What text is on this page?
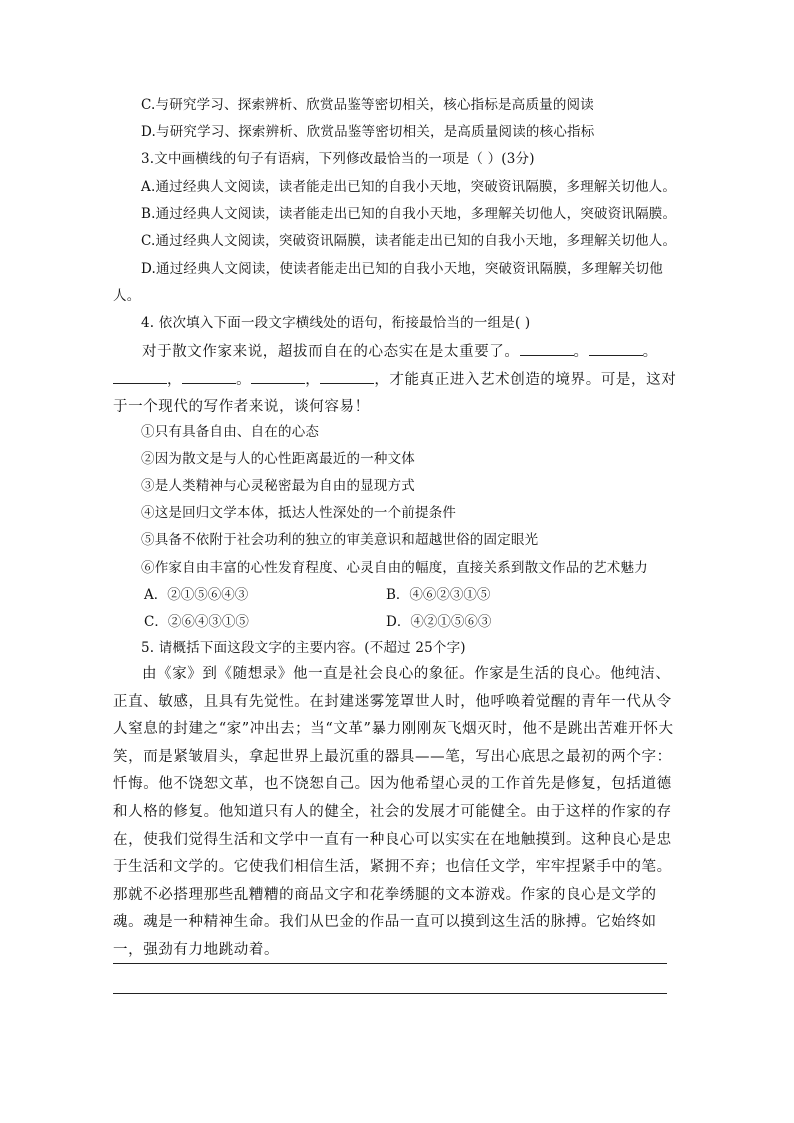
C.与研究学习、探索辨析、欣赏品鉴等密切相关，核心指标是高质量的阅读
D.与研究学习、探索辨析、欣赏品鉴等密切相关，是高质量阅读的核心指标
3.文中画横线的句子有语病，下列修改最恰当的一项是（ ）(3分)
A.通过经典人文阅读，读者能走出已知的自我小天地，突破资讯隔膜，多理解关切他人。
B.通过经典人文阅读，读者能走出已知的自我小天地，多理解关切他人，突破资讯隔膜。
C.通过经典人文阅读，突破资讯隔膜，读者能走出已知的自我小天地，多理解关切他人。
D.通过经典人文阅读，使读者能走出已知的自我小天地，突破资讯隔膜，多理解关切他
人。
4. 依次填入下面一段文字横线处的语句，衔接最恰当的一组是( )
对于散文作家来说，超拔而自在的心态实在是太重要了。	。	。，	。	，	，才能真正进入艺术创造的境界。可是，这对于一个现代的写作者来说，谈何容易！
①只有具备自由、自在的心态
②因为散文是与人的心性距离最近的一种文体
③是人类精神与心灵秘密最为自由的显现方式
④这是回归文学本体，抵达人性深处的一个前提条件
⑤具备不依附于社会功利的独立的审美意识和超越世俗的固定眼光
⑥作家自由丰富的心性发育程度、心灵自由的幅度，直接关系到散文作品的艺术魅力
A．②①⑤⑥④③	B．④⑥②③①⑤
C．②⑥④③①⑤	D．④②①⑤⑥③
5. 请概括下面这段文字的主要内容。(不超过 25个字)
由《家》到《随想录》他一直是社会良心的象征。作家是生活的良心。他纯洁、正直、敏感，且具有先觉性。在封建迷雾笼罩世人时，他呼唤着觉醒的青年一代从令人窒息的封建之“家”冲出去；当“文革”暴力刚刚灰飞烟灭时，他不是跳出苦难开怀大笑，而是紧皱眉头，拿起世界上最沉重的器具——笔，写出心底思之最初的两个字：忏悔。他不饶恕文革，也不饶恕自己。因为他希望心灵的工作首先是修复，包括道德和人格的修复。他知道只有人的健全，社会的发展才可能健全。由于这样的作家的存在，使我们觉得生活和文学中一直有一种良心可以实实在在地触摸到。这种良心是忠于生活和文学的。它使我们相信生活，紧拥不弃；也信任文学，牢牢捏紧手中的笔。那就不必搭理那些乱糟糟的商品文字和花拳绣腿的文本游戏。作家的良心是文学的魂。魂是一种精神生命。我们从巴金的作品一直可以摸到这生活的脉搏。它始终如一，强劲有力地跳动着。
